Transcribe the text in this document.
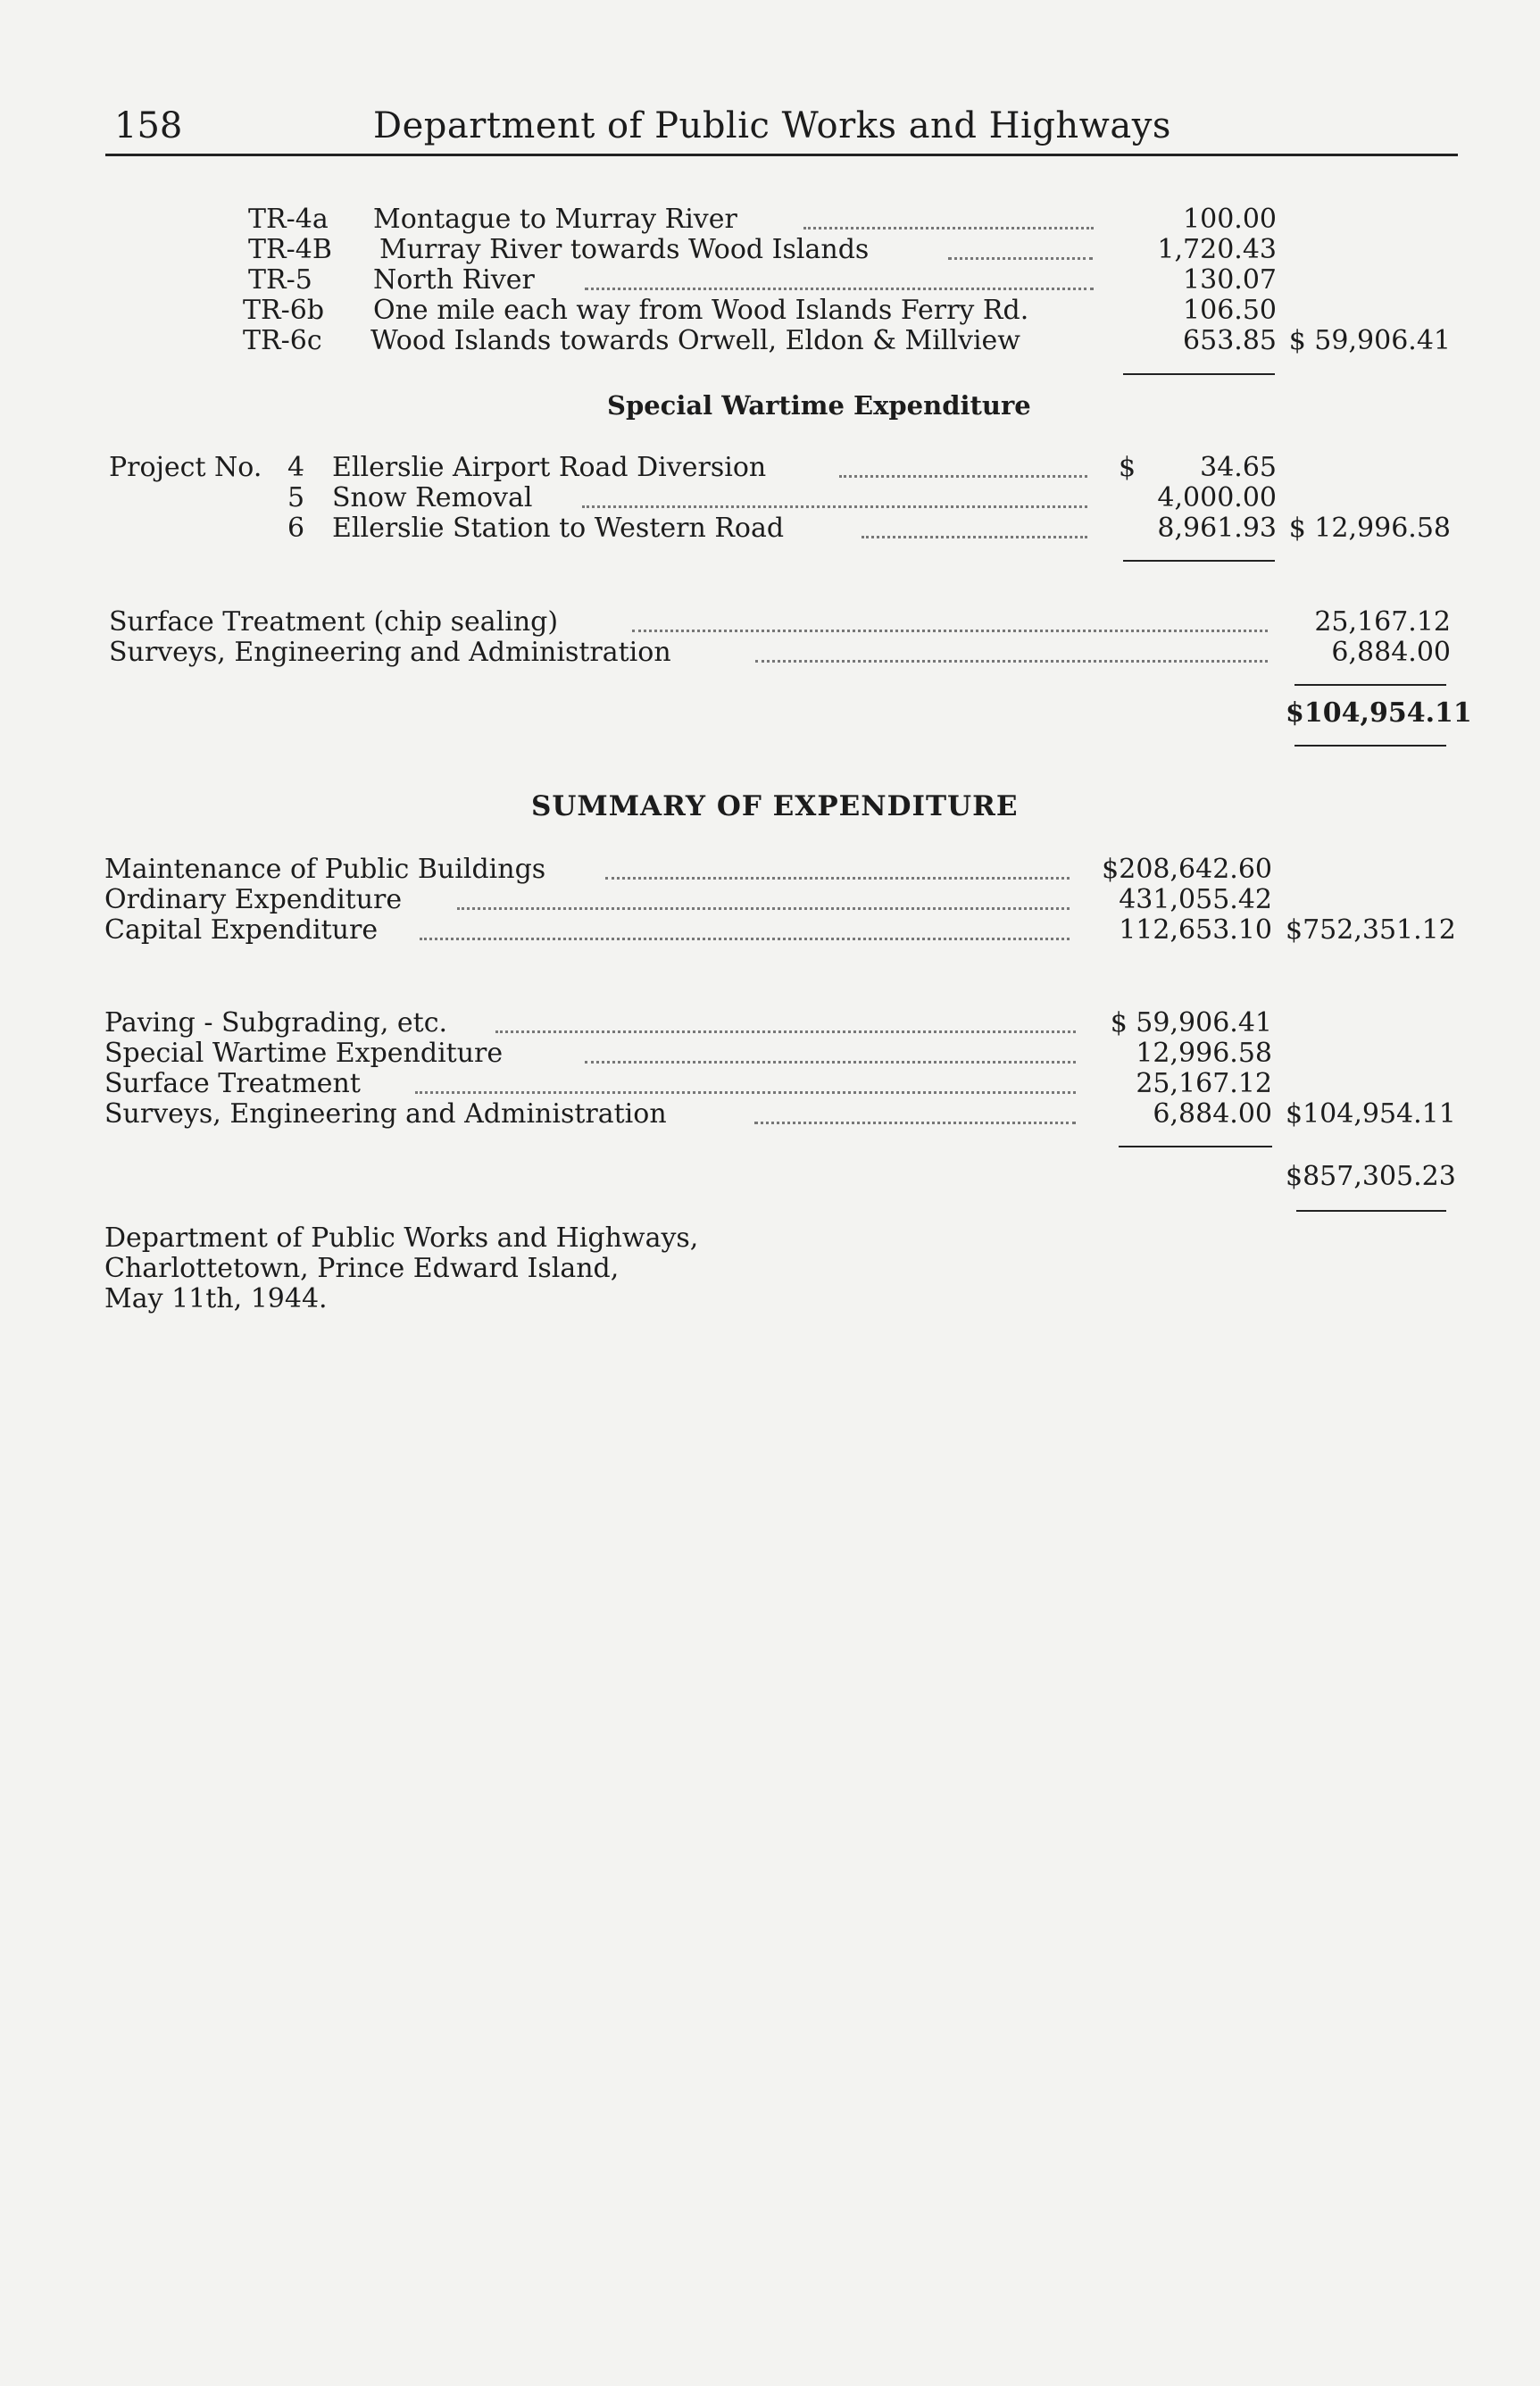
158	Department of Public Works and Highways
TR-4a Montague to Murray River	100.00
TR-4B Murray River towards Wood Islands	1,720.43
TR-5 North River	130.07
TR-6b One mile each way from Wood Islands Ferry Rd.	106.50
TR-6c Wood Islands towards Orwell, Eldon & Millview	653.85 $ 59,906.41
Special Wartime Expenditure
Project No. 4 Ellerslie Airport Road Diversion	$	34.65
5 Snow Removal	4,000.00
6 Ellerslie Station to Western Road	8,961.93 $ 12,996.58
Surface Treatment (chip sealing)	25,167.12
Surveys, Engineering and Administration	6,884.00
$104,954.11
SUMMARY OF EXPENDITURE
Maintenance of Public Buildings	$208,642.60
Ordinary Expenditure	431,055.42
Capital Expenditure	112,653.10 $752,351.12
Paving - Subgrading, etc.	$ 59,906.41
Special Wartime Expenditure	12,996.58
Surface Treatment	25,167.12
Surveys, Engineering and Administration	6,884.00 $104,954.11
$857,305.23
Department of Public Works and Highways,
Charlottetown, Prince Edward Island,
May 11th, 1944.
